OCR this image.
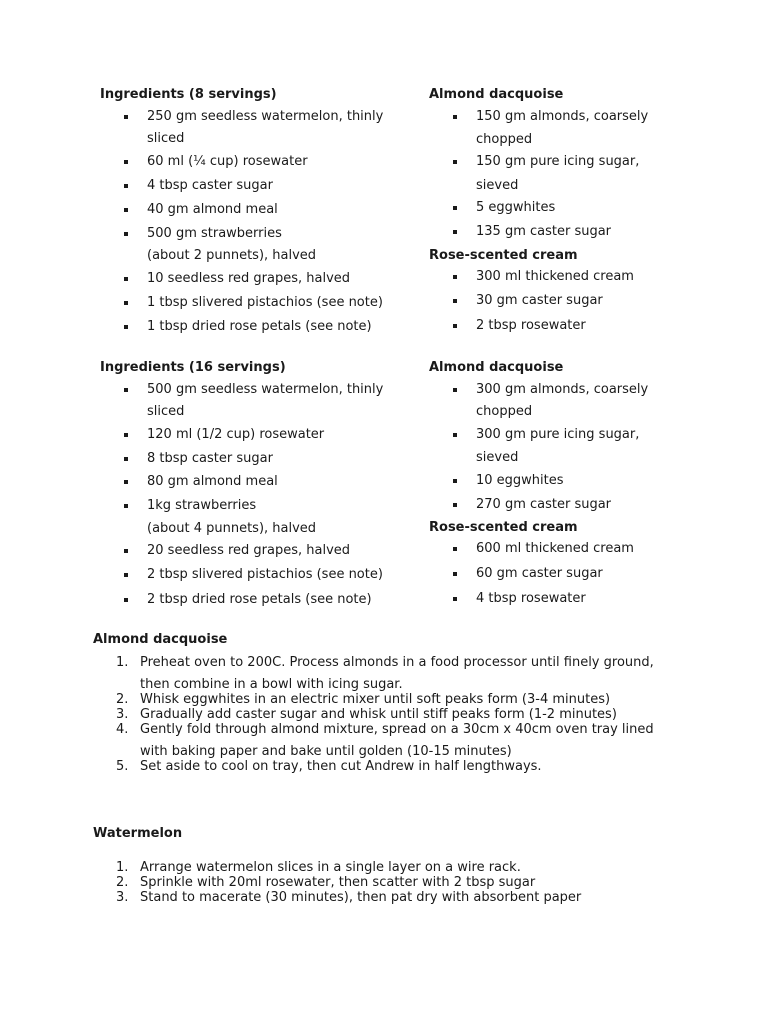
Ingredients (8 servings)
250 gm seedless watermelon, thinly
sliced
60 ml (¼ cup) rosewater
4 tbsp caster sugar
40 gm almond meal
500 gm strawberries
(about 2 punnets), halved
10 seedless red grapes, halved
1 tbsp slivered pistachios (see note)
1 tbsp dried rose petals (see note)
Almond dacquoise
150 gm almonds, coarsely
chopped
150 gm pure icing sugar,
sieved
5 eggwhites
135 gm caster sugar
Rose-scented cream
300 ml thickened cream
30 gm caster sugar
2 tbsp rosewater
Ingredients (16 servings)
500 gm seedless watermelon, thinly
sliced
120 ml (1/2 cup) rosewater
8 tbsp caster sugar
80 gm almond meal
1kg strawberries
(about 4 punnets), halved
20 seedless red grapes, halved
2 tbsp slivered pistachios (see note)
2 tbsp dried rose petals (see note)
Almond dacquoise
300 gm almonds, coarsely
chopped
300 gm pure icing sugar,
sieved
10 eggwhites
270 gm caster sugar
Rose-scented cream
600 ml thickened cream
60 gm caster sugar
4 tbsp rosewater
Almond dacquoise
1. Preheat oven to 200C. Process almonds in a food processor until finely ground,
then combine in a bowl with icing sugar.
2. Whisk eggwhites in an electric mixer until soft peaks form (3-4 minutes)
3. Gradually add caster sugar and whisk until stiff peaks form (1-2 minutes)
4. Gently fold through almond mixture, spread on a 30cm x 40cm oven tray lined
with baking paper and bake until golden (10-15 minutes)
5. Set aside to cool on tray, then cut Andrew in half lengthways.
Watermelon
1. Arrange watermelon slices in a single layer on a wire rack.
2. Sprinkle with 20ml rosewater, then scatter with 2 tbsp sugar
3. Stand to macerate (30 minutes), then pat dry with absorbent paper
